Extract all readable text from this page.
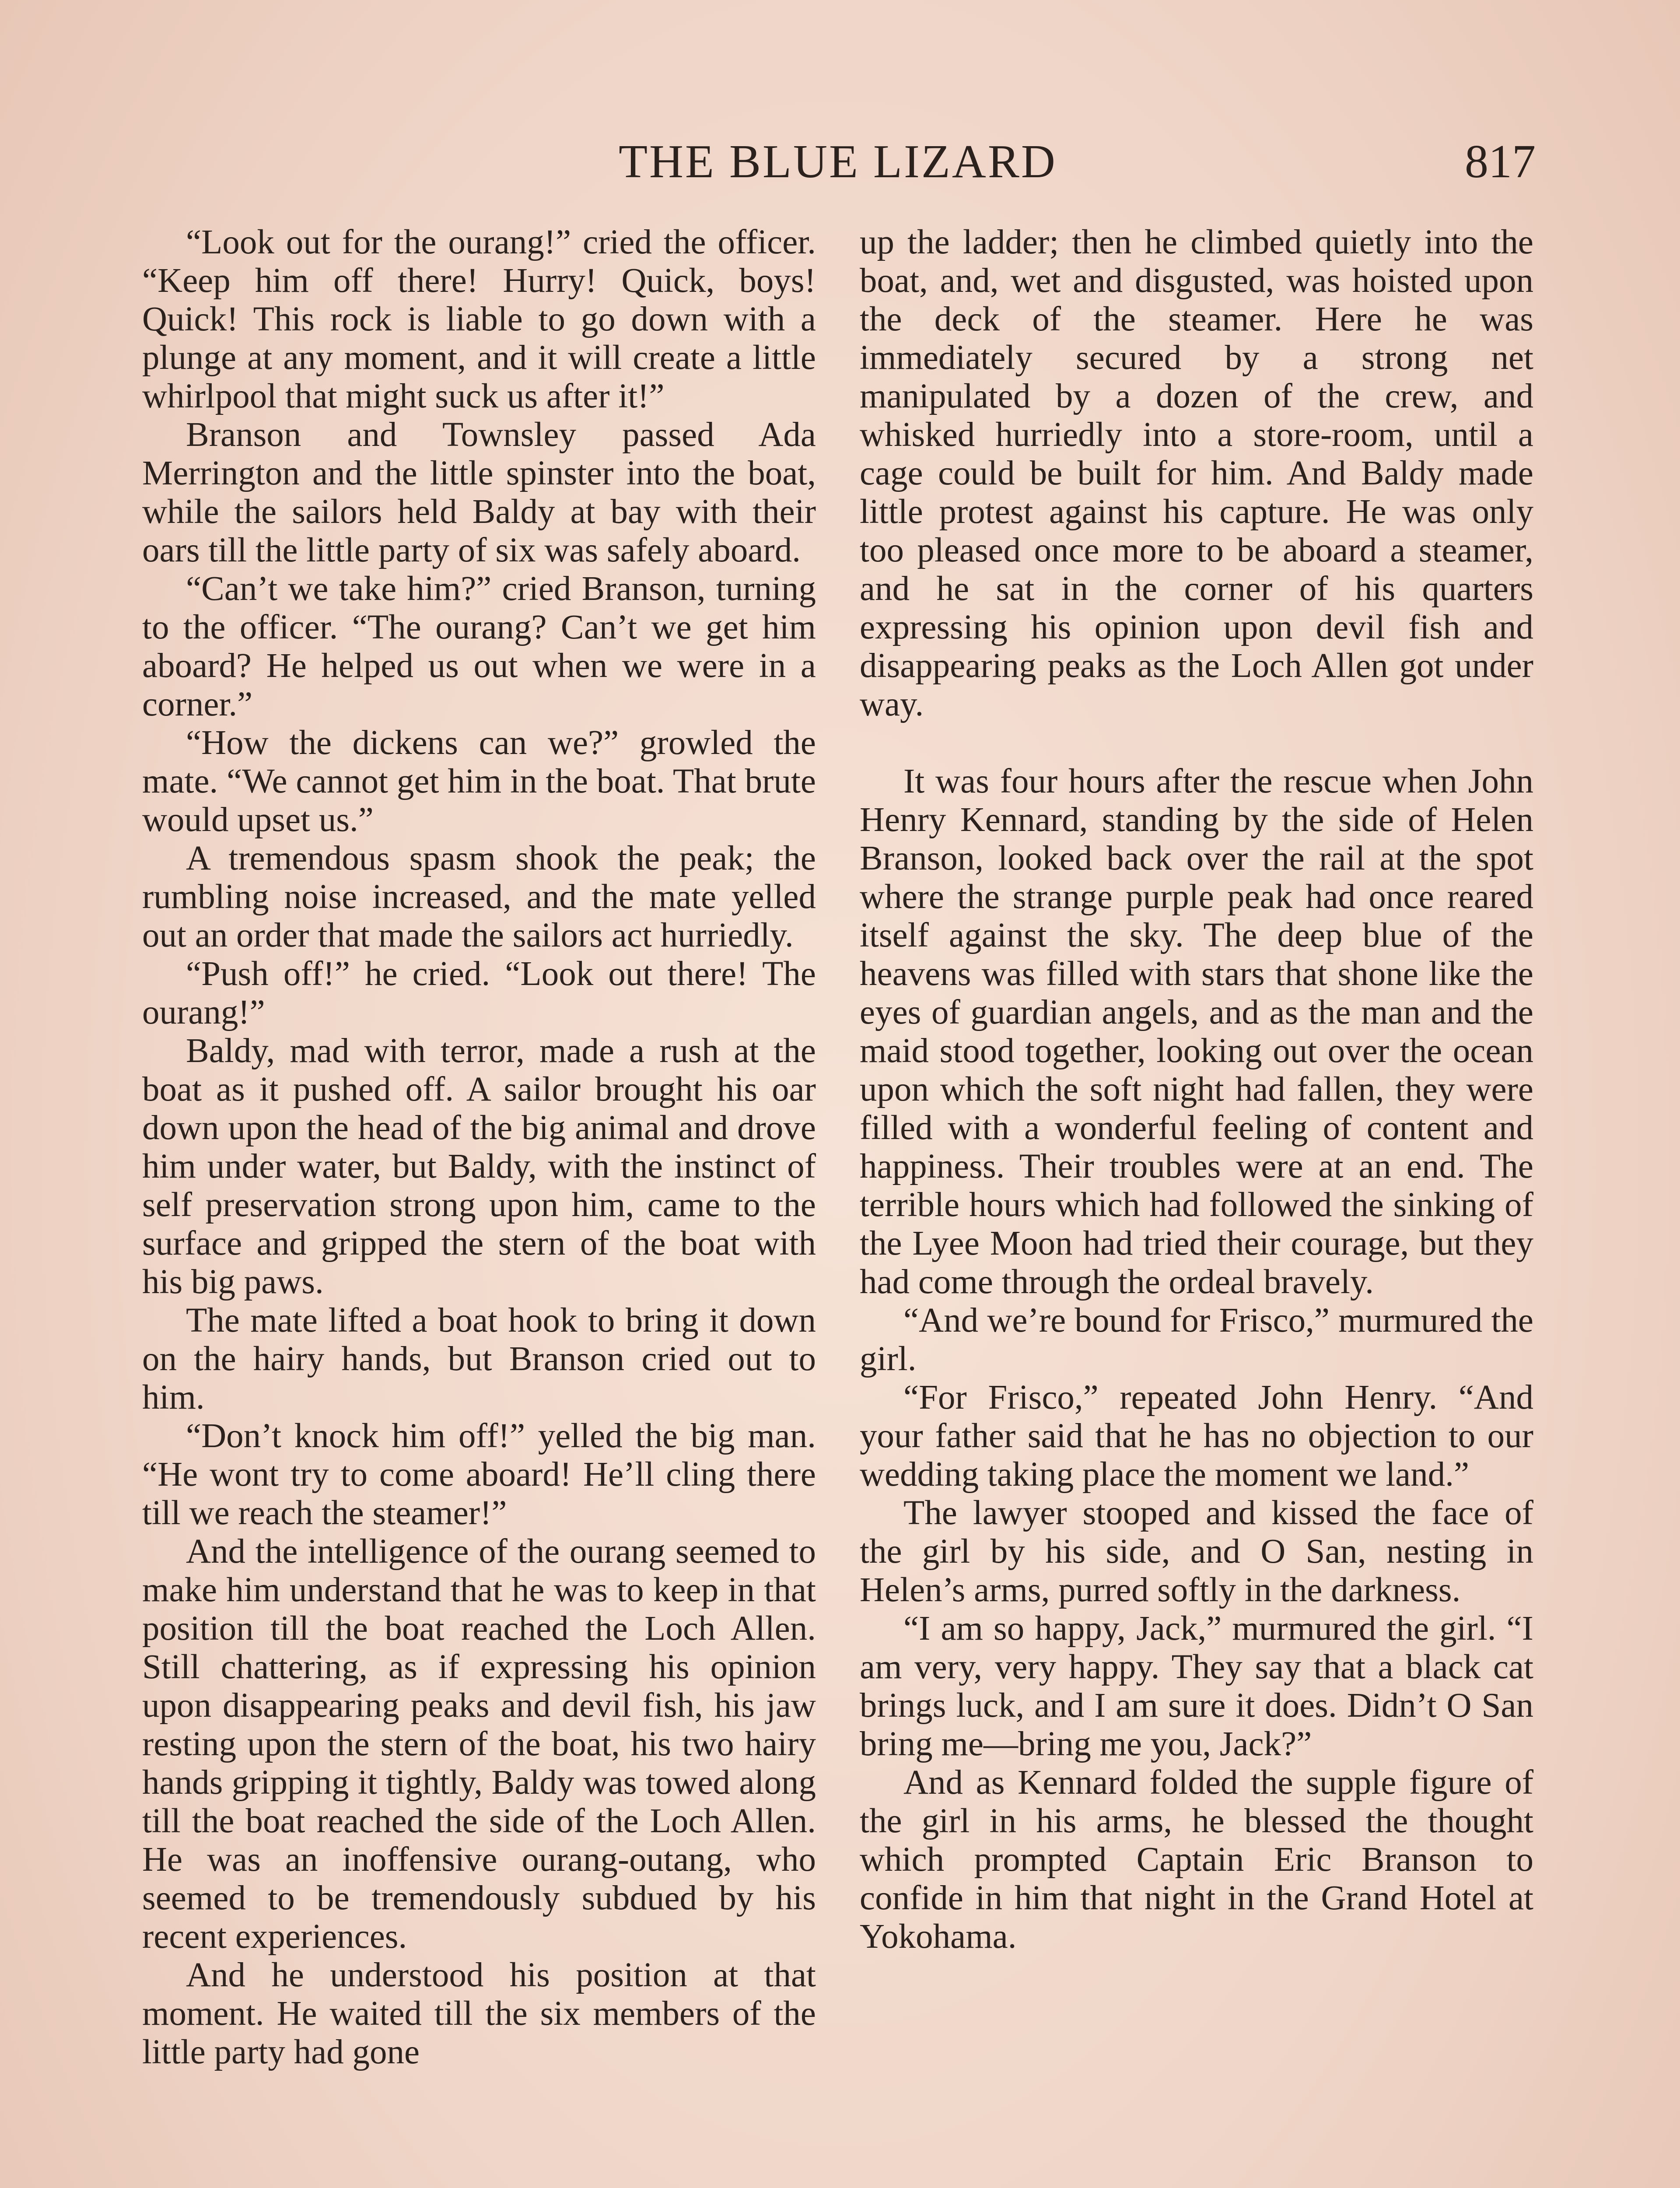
THE BLUE LIZARD	817

“Look out for the ourang!” cried the officer. “Keep him off there! Hurry! Quick, boys! Quick! This rock is liable to go down with a plunge at any moment, and it will create a little whirlpool that might suck us after it!”

Branson and Townsley passed Ada Merrington and the little spinster into the boat, while the sailors held Baldy at bay with their oars till the little party of six was safely aboard.

“Can’t we take him?” cried Branson, turning to the officer. “The ourang? Can’t we get him aboard? He helped us out when we were in a corner.”

“How the dickens can we?” growled the mate. “We cannot get him in the boat. That brute would upset us.”

A tremendous spasm shook the peak; the rumbling noise increased, and the mate yelled out an order that made the sailors act hurriedly.

“Push off!” he cried. “Look out there! The ourang!”

Baldy, mad with terror, made a rush at the boat as it pushed off. A sailor brought his oar down upon the head of the big animal and drove him under water, but Baldy, with the instinct of self preservation strong upon him, came to the surface and gripped the stern of the boat with his big paws.

The mate lifted a boat hook to bring it down on the hairy hands, but Branson cried out to him.

“Don’t knock him off!” yelled the big man. “He wont try to come aboard! He’ll cling there till we reach the steamer!”

And the intelligence of the ourang seemed to make him understand that he was to keep in that position till the boat reached the Loch Allen. Still chattering, as if expressing his opinion upon disappearing peaks and devil fish, his jaw resting upon the stern of the boat, his two hairy hands gripping it tightly, Baldy was towed along till the boat reached the side of the Loch Allen. He was an inoffensive ourang-outang, who seemed to be tremendously subdued by his recent experiences.

And he understood his position at that moment. He waited till the six members of the little party had gone

up the ladder; then he climbed quietly into the boat, and, wet and disgusted, was hoisted upon the deck of the steamer. Here he was immediately secured by a strong net manipulated by a dozen of the crew, and whisked hurriedly into a store-room, until a cage could be built for him. And Baldy made little protest against his capture. He was only too pleased once more to be aboard a steamer, and he sat in the corner of his quarters expressing his opinion upon devil fish and disappearing peaks as the Loch Allen got under way.

It was four hours after the rescue when John Henry Kennard, standing by the side of Helen Branson, looked back over the rail at the spot where the strange purple peak had once reared itself against the sky. The deep blue of the heavens was filled with stars that shone like the eyes of guardian angels, and as the man and the maid stood together, looking out over the ocean upon which the soft night had fallen, they were filled with a wonderful feeling of content and happiness. Their troubles were at an end. The terrible hours which had followed the sinking of the Lyee Moon had tried their courage, but they had come through the ordeal bravely.

“And we’re bound for Frisco,” murmured the girl.

“For Frisco,” repeated John Henry. “And your father said that he has no objection to our wedding taking place the moment we land.”

The lawyer stooped and kissed the face of the girl by his side, and O San, nesting in Helen’s arms, purred softly in the darkness.

“I am so happy, Jack,” murmured the girl. “I am very, very happy. They say that a black cat brings luck, and I am sure it does. Didn’t O San bring me—bring me you, Jack?”

And as Kennard folded the supple figure of the girl in his arms, he blessed the thought which prompted Captain Eric Branson to confide in him that night in the Grand Hotel at Yokohama.
